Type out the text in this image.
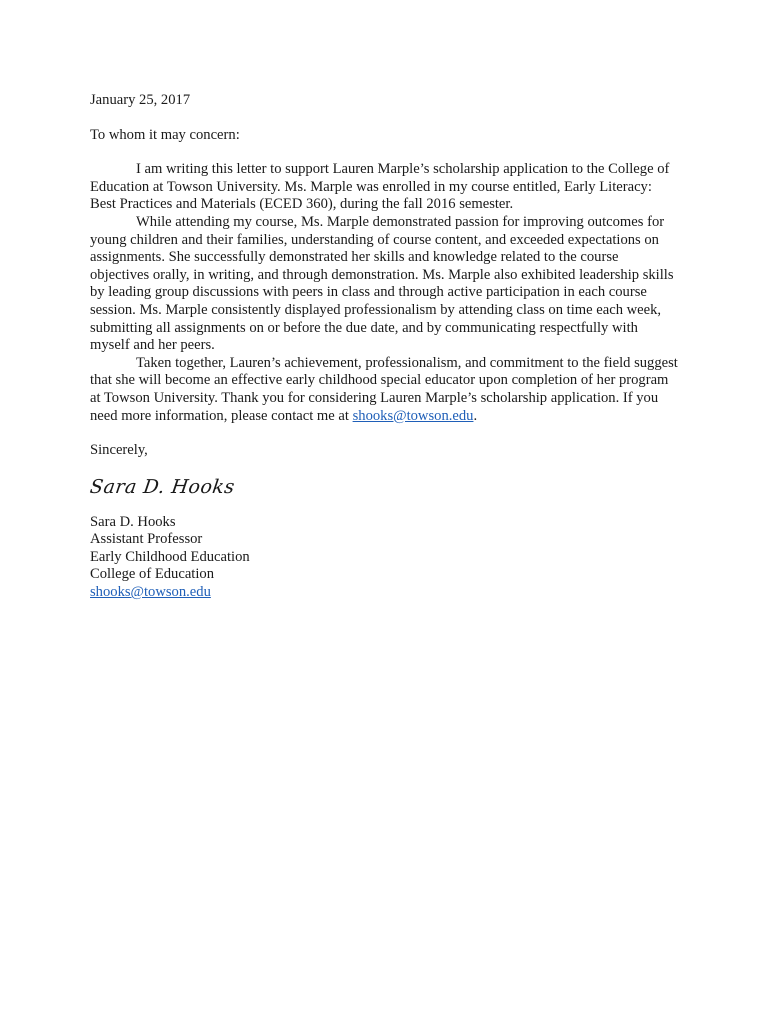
January 25, 2017

To whom it may concern:

I am writing this letter to support Lauren Marple’s scholarship application to the College of Education at Towson University. Ms. Marple was enrolled in my course entitled, Early Literacy: Best Practices and Materials (ECED 360), during the fall 2016 semester.

While attending my course, Ms. Marple demonstrated passion for improving outcomes for young children and their families, understanding of course content, and exceeded expectations on assignments. She successfully demonstrated her skills and knowledge related to the course objectives orally, in writing, and through demonstration. Ms. Marple also exhibited leadership skills by leading group discussions with peers in class and through active participation in each course session. Ms. Marple consistently displayed professionalism by attending class on time each week, submitting all assignments on or before the due date, and by communicating respectfully with myself and her peers.

Taken together, Lauren’s achievement, professionalism, and commitment to the field suggest that she will become an effective early childhood special educator upon completion of her program at Towson University. Thank you for considering Lauren Marple’s scholarship application. If you need more information, please contact me at shooks@towson.edu.

Sincerely,

Sara D. Hooks

Sara D. Hooks

Assistant Professor

Early Childhood Education

College of Education

shooks@towson.edu
